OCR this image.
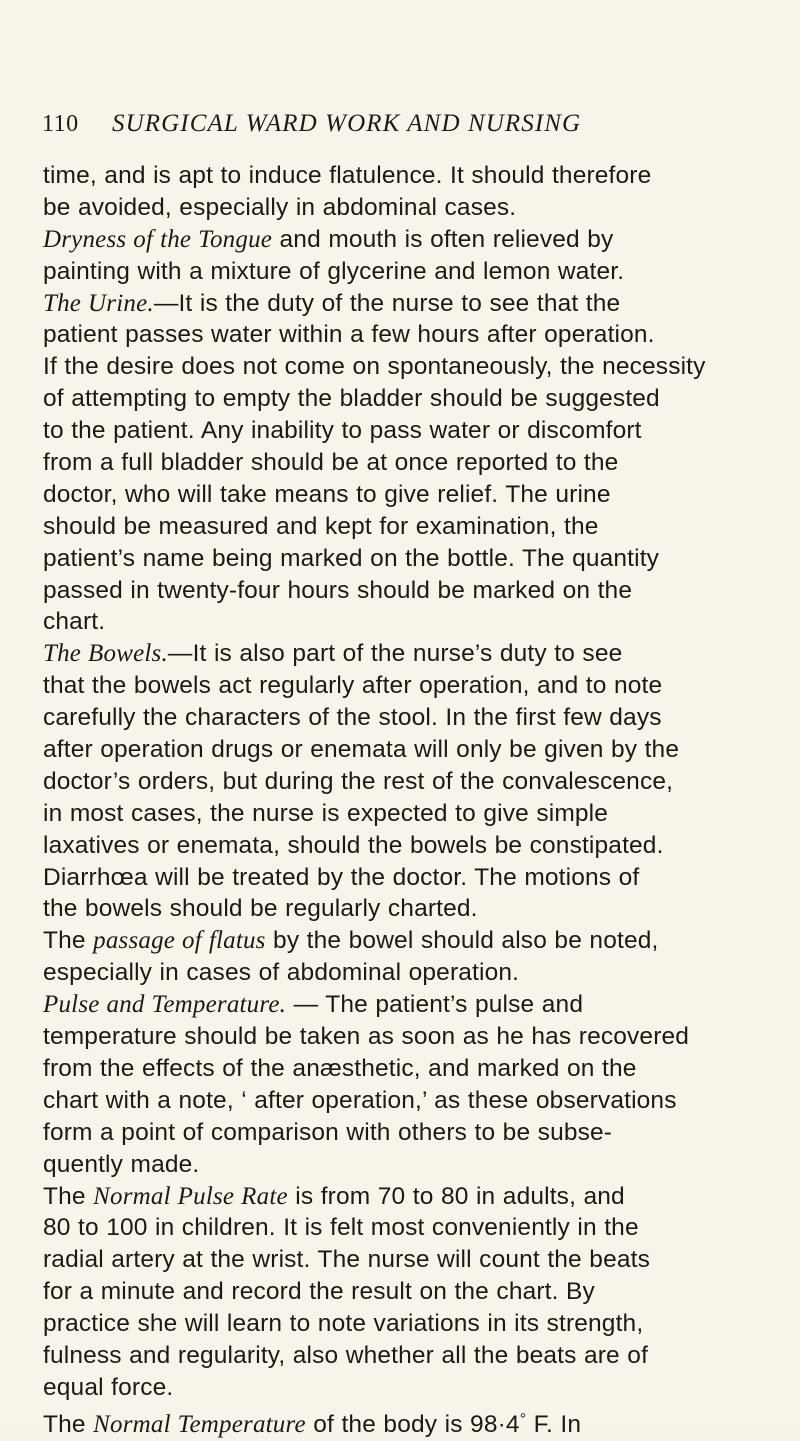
110	SURGICAL WARD WORK AND NURSING
time, and is apt to induce flatulence. It should therefore
be avoided, especially in abdominal cases.
Dryness of the Tongue and mouth is often relieved by
painting with a mixture of glycerine and lemon water.
The Urine.—It is the duty of the nurse to see that the
patient passes water within a few hours after operation.
If the desire does not come on spontaneously, the necessity
of attempting to empty the bladder should be suggested
to the patient. Any inability to pass water or discomfort
from a full bladder should be at once reported to the
doctor, who will take means to give relief. The urine
should be measured and kept for examination, the
patient’s name being marked on the bottle. The quantity
passed in twenty-four hours should be marked on the
chart.
The Bowels.—It is also part of the nurse’s duty to see
that the bowels act regularly after operation, and to note
carefully the characters of the stool. In the first few days
after operation drugs or enemata will only be given by the
doctor’s orders, but during the rest of the convalescence,
in most cases, the nurse is expected to give simple
laxatives or enemata, should the bowels be constipated.
Diarrhœa will be treated by the doctor. The motions of
the bowels should be regularly charted.
The passage of flatus by the bowel should also be noted,
especially in cases of abdominal operation.
Pulse and Temperature. — The patient’s pulse and
temperature should be taken as soon as he has recovered
from the effects of the anæsthetic, and marked on the
chart with a note, ‘ after operation,’ as these observations
form a point of comparison with others to be subse-
quently made.
The Normal Pulse Rate is from 70 to 80 in adults, and
80 to 100 in children. It is felt most conveniently in the
radial artery at the wrist. The nurse will count the beats
for a minute and record the result on the chart. By
practice she will learn to note variations in its strength,
fulness and regularity, also whether all the beats are of
equal force.
The Normal Temperature of the body is 98·4° F. In
